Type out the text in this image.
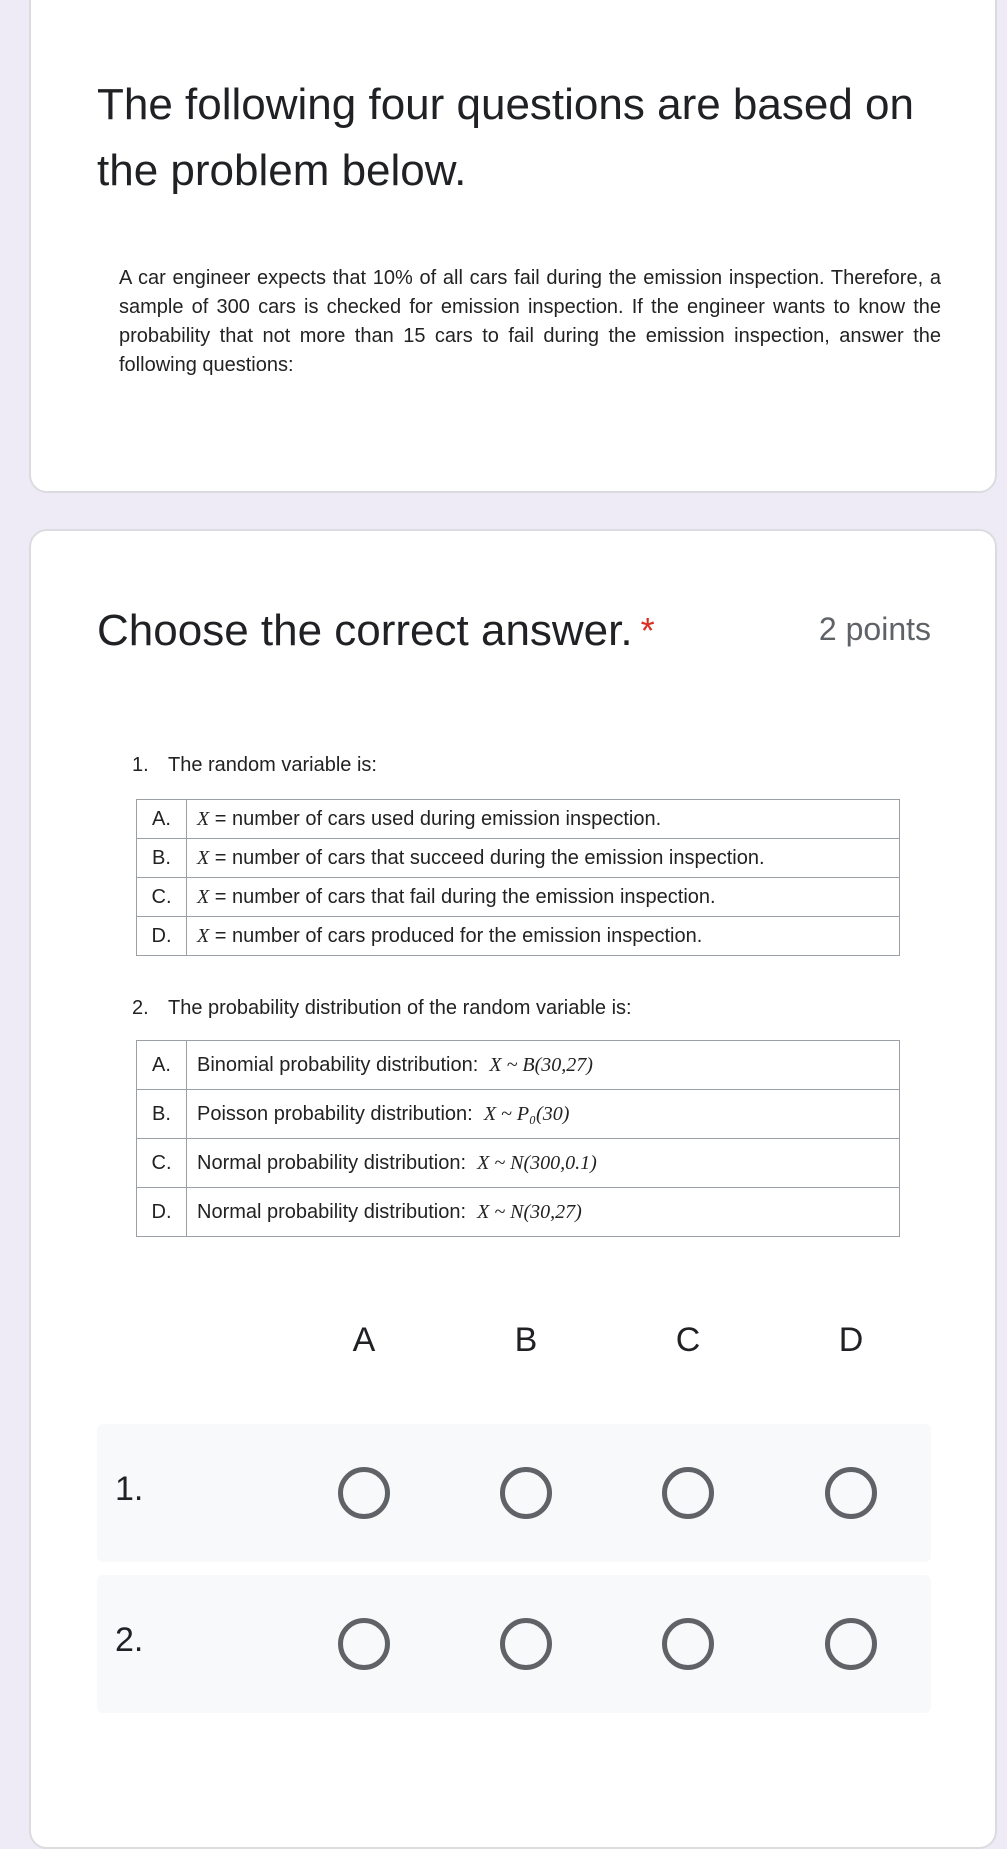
The following four questions are based on the problem below.

A car engineer expects that 10% of all cars fail during the emission inspection. Therefore, a sample of 300 cars is checked for emission inspection. If the engineer wants to know the probability that not more than 15 cars to fail during the emission inspection, answer the following questions:

Choose the correct answer. *	2 points

1. The random variable is:

A.	X = number of cars used during emission inspection.
B.	X = number of cars that succeed during the emission inspection.
C.	X = number of cars that fail during the emission inspection.
D.	X = number of cars produced for the emission inspection.

2. The probability distribution of the random variable is:

A.	Binomial probability distribution: X ~ B(30,27)
B.	Poisson probability distribution: X ~ P₀(30)
C.	Normal probability distribution: X ~ N(300,0.1)
D.	Normal probability distribution: X ~ N(30,27)
A	B	C	D
1.
2.
